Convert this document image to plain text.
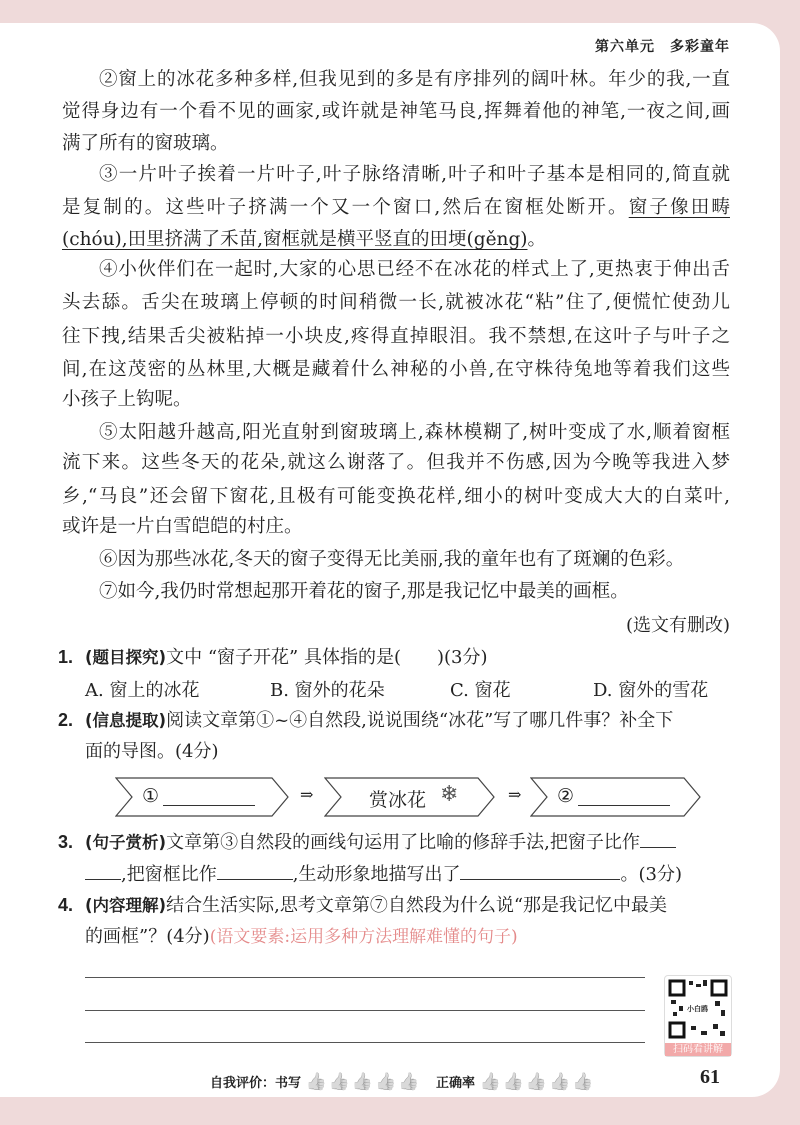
第六单元　多彩童年
②窗上的冰花多种多样,但我见到的多是有序排列的阔叶林。年少的我,一直
觉得身边有一个看不见的画家,或许就是神笔马良,挥舞着他的神笔,一夜之间,画
满了所有的窗玻璃。
③一片叶子挨着一片叶子,叶子脉络清晰,叶子和叶子基本是相同的,简直就
是复制的。这些叶子挤满一个又一个窗口,然后在窗框处断开。窗子像田畴
(chóu),田里挤满了禾苗,窗框就是横平竖直的田埂(gěng)。
④小伙伴们在一起时,大家的心思已经不在冰花的样式上了,更热衷于伸出舌
头去舔。舌尖在玻璃上停顿的时间稍微一长,就被冰花“粘”住了,便慌忙使劲儿
往下拽,结果舌尖被粘掉一小块皮,疼得直掉眼泪。我不禁想,在这叶子与叶子之
间,在这茂密的丛林里,大概是藏着什么神秘的小兽,在守株待兔地等着我们这些
小孩子上钩呢。
⑤太阳越升越高,阳光直射到窗玻璃上,森林模糊了,树叶变成了水,顺着窗框
流下来。这些冬天的花朵,就这么谢落了。但我并不伤感,因为今晚等我进入梦
乡,“马良”还会留下窗花,且极有可能变换花样,细小的树叶变成大大的白菜叶,
或许是一片白雪皑皑的村庄。
⑥因为那些冰花,冬天的窗子变得无比美丽,我的童年也有了斑斓的色彩。
⑦如今,我仍时常想起那开着花的窗子,那是我记忆中最美的画框。
(选文有删改)
1. (题目探究)文中 “窗子开花” 具体指的是(　　)(3分)
A. 窗上的冰花	B. 窗外的花朵	C. 窗花	D. 窗外的雪花
2. (信息提取)阅读文章第①~④自然段,说说围绕“冰花”写了哪几件事？补全下
面的导图。(4分)
①	⇒	赏冰花 ❄	⇒ ②
3. (句子赏析)文章第③自然段的画线句运用了比喻的修辞手法,把窗子比作
,把窗框比作	,生动形象地描写出了	。(3分)
4. (内容理解)结合生活实际,思考文章第⑦自然段为什么说“那是我记忆中最美
的画框”？(4分)(语文要素:运用多种方法理解难懂的句子)
小白鸥
扫码看讲解
自我评价：书写 👍 👍 👍 👍 👍 正确率 👍 👍 👍 👍 👍	61
